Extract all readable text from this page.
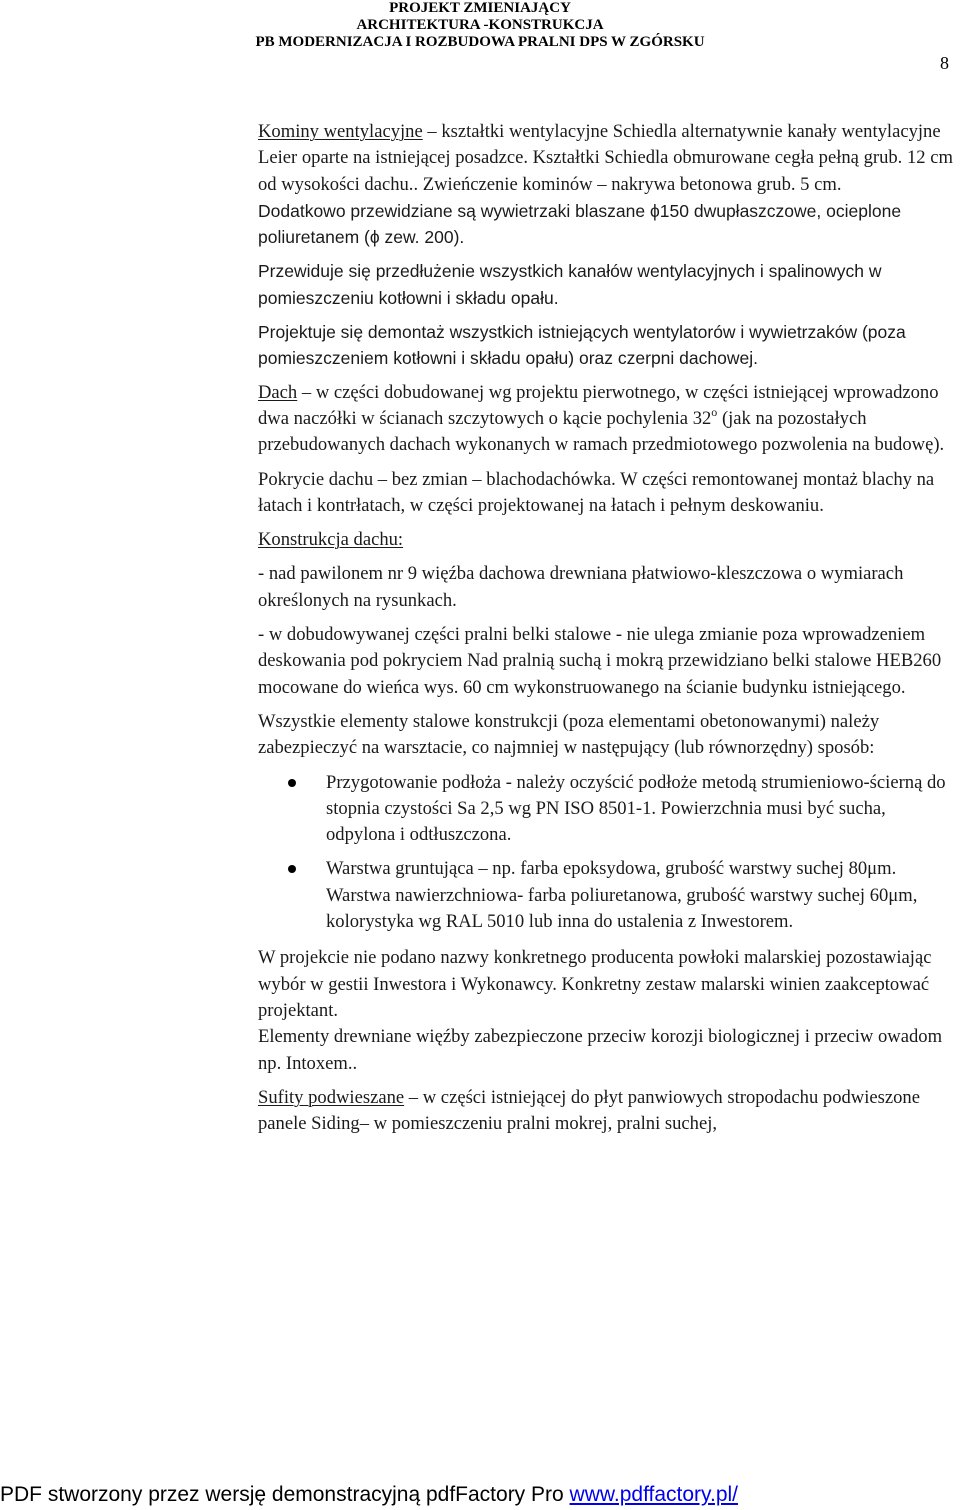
PROJEKT ZMIENIAJĄCY
ARCHITEKTURA -KONSTRUKCJA
PB MODERNIZACJA I ROZBUDOWA PRALNI DPS W ZGÓRSKU
8

Kominy wentylacyjne – kształtki wentylacyjne Schiedla alternatywnie kanały wentylacyjne Leier oparte na istniejącej posadzce. Kształtki Schiedla obmurowane cegła pełną grub. 12 cm od wysokości dachu.. Zwieńczenie kominów – nakrywa betonowa grub. 5 cm.

Dodatkowo przewidziane są wywietrzaki blaszane ϕ150 dwupłaszczowe, ocieplone poliuretanem (ϕ zew. 200).

Przewiduje się przedłużenie wszystkich kanałów wentylacyjnych i spalinowych w pomieszczeniu kotłowni i składu opału.

Projektuje się demontaż wszystkich istniejących wentylatorów i wywietrzaków (poza pomieszczeniem kotłowni i składu opału) oraz czerpni dachowej.

Dach – w części dobudowanej wg projektu pierwotnego, w części istniejącej wprowadzono dwa naczółki w ścianach szczytowych o kącie pochylenia 32$^o$ (jak na pozostałych przebudowanych dachach wykonanych w ramach przedmiotowego pozwolenia na budowę).

Pokrycie dachu – bez zmian – blachodachówka. W części remontowanej montaż blachy na łatach i kontrłatach, w części projektowanej na łatach i pełnym deskowaniu.

Konstrukcja dachu:

- nad pawilonem nr 9 więźba dachowa drewniana płatwiowo-kleszczowa o wymiarach określonych na rysunkach.

- w dobudowywanej części pralni belki stalowe - nie ulega zmianie poza wprowadzeniem deskowania pod pokryciem Nad pralnią suchą i mokrą przewidziano belki stalowe HEB260 mocowane do wieńca wys. 60 cm wykonstruowanego na ścianie budynku istniejącego.

Wszystkie elementy stalowe konstrukcji (poza elementami obetonowanymi) należy zabezpieczyć na warsztacie, co najmniej w następujący (lub równorzędny) sposób:

Przygotowanie podłoża - należy oczyścić podłoże metodą strumieniowo-ścierną do stopnia czystości Sa 2,5 wg PN ISO 8501-1. Powierzchnia musi być sucha, odpylona i odtłuszczona.
Warstwa gruntująca – np. farba epoksydowa, grubość warstwy suchej 80μm. Warstwa nawierzchniowa- farba poliuretanowa, grubość warstwy suchej 60μm, kolorystyka wg RAL 5010 lub inna do ustalenia z Inwestorem.

W projekcie nie podano nazwy konkretnego producenta powłoki malarskiej pozostawiając wybór w gestii Inwestora i Wykonawcy. Konkretny zestaw malarski winien zaakceptować projektant.

Elementy drewniane więźby zabezpieczone przeciw korozji biologicznej i przeciw owadom np. Intoxem..

Sufity podwieszane – w części istniejącej do płyt panwiowych stropodachu podwieszone panele Siding– w pomieszczeniu pralni mokrej, pralni suchej,

PDF stworzony przez wersję demonstracyjną pdfFactory Pro www.pdffactory.pl/
